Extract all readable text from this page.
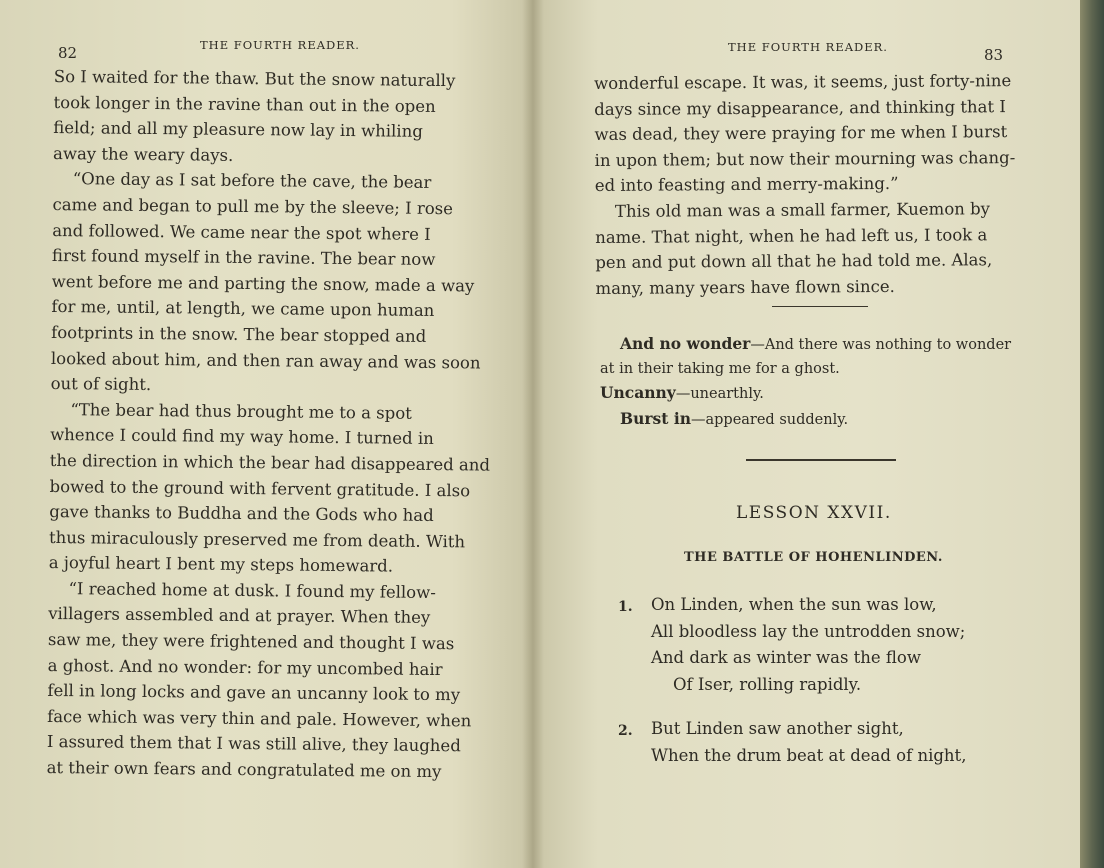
82	THE FOURTH READER.
So I waited for the thaw. But the snow naturally
took longer in the ravine than out in the open
field; and all my pleasure now lay in whiling
away the weary days.
“One day as I sat before the cave, the bear
came and began to pull me by the sleeve; I rose
and followed. We came near the spot where I
first found myself in the ravine. The bear now
went before me and parting the snow, made a way
for me, until, at length, we came upon human
footprints in the snow. The bear stopped and
looked about him, and then ran away and was soon
out of sight.
“The bear had thus brought me to a spot
whence I could find my way home. I turned in
the direction in which the bear had disappeared and
bowed to the ground with fervent gratitude. I also
gave thanks to Buddha and the Gods who had
thus miraculously preserved me from death. With
a joyful heart I bent my steps homeward.
“I reached home at dusk. I found my fellow-
villagers assembled and at prayer. When they
saw me, they were frightened and thought I was
a ghost. And no wonder: for my uncombed hair
fell in long locks and gave an uncanny look to my
face which was very thin and pale. However, when
I assured them that I was still alive, they laughed
at their own fears and congratulated me on my
THE FOURTH READER.	83
wonderful escape. It was, it seems, just forty-nine
days since my disappearance, and thinking that I
was dead, they were praying for me when I burst
in upon them; but now their mourning was chang-
ed into feasting and merry-making.”
This old man was a small farmer, Kuemon by
name. That night, when he had left us, I took a
pen and put down all that he had told me. Alas,
many, many years have flown since.
And no wonder—And there was nothing to wonder
at in their taking me for a ghost.
Uncanny—unearthly.
Burst in—appeared suddenly.
LESSON XXVII.
THE BATTLE OF HOHENLINDEN.
1. On Linden, when the sun was low,
All bloodless lay the untrodden snow;
And dark as winter was the flow
Of Iser, rolling rapidly.
2. But Linden saw another sight,
When the drum beat at dead of night,
